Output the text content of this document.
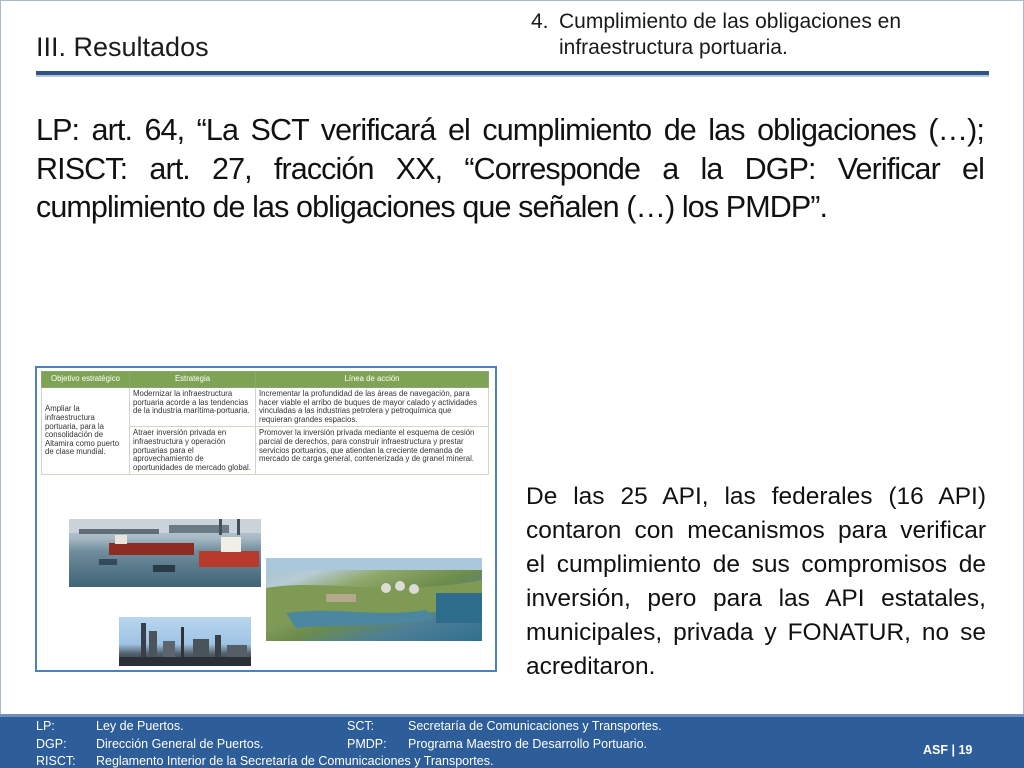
III. Resultados
4. Cumplimiento de las obligaciones en infraestructura portuaria.
LP: art. 64, “La SCT verificará el cumplimiento de las obligaciones (…); RISCT: art. 27, fracción XX, “Corresponde a la DGP: Verificar el cumplimiento de las obligaciones que señalen (…) los PMDP”.
Objetivo estratégico	Estrategia	Línea de acción
Ampliar la infraestructura portuaria, para la consolidación de Altamira como puerto de clase mundial.	Modernizar la infraestructura portuaria acorde a las tendencias de la industria marítima-portuaria.	Incrementar la profundidad de las áreas de navegación, para hacer viable el arribo de buques de mayor calado y actividades vinculadas a las industrias petrolera y petroquímica que requieran grandes espacios.
	Atraer inversión privada en infraestructura y operación portuarias para el aprovechamiento de oportunidades de mercado global.	Promover la inversión privada mediante el esquema de cesión parcial de derechos, para construir infraestructura y prestar servicios portuarios, que atiendan la creciente demanda de mercado de carga general, contenerizada y de granel mineral.
De las 25 API, las federales (16 API) contaron con mecanismos para verificar el cumplimiento de sus compromisos de inversión, pero para las API estatales, municipales, privada y FONATUR, no se acreditaron.
LP:	Ley de Puertos.	SCT:	Secretaría de Comunicaciones y Transportes.
DGP: Dirección General de Puertos.	PMDP: Programa Maestro de Desarrollo Portuario.
RISCT: Reglamento Interior de la Secretaría de Comunicaciones y Transportes.
ASF | 19
